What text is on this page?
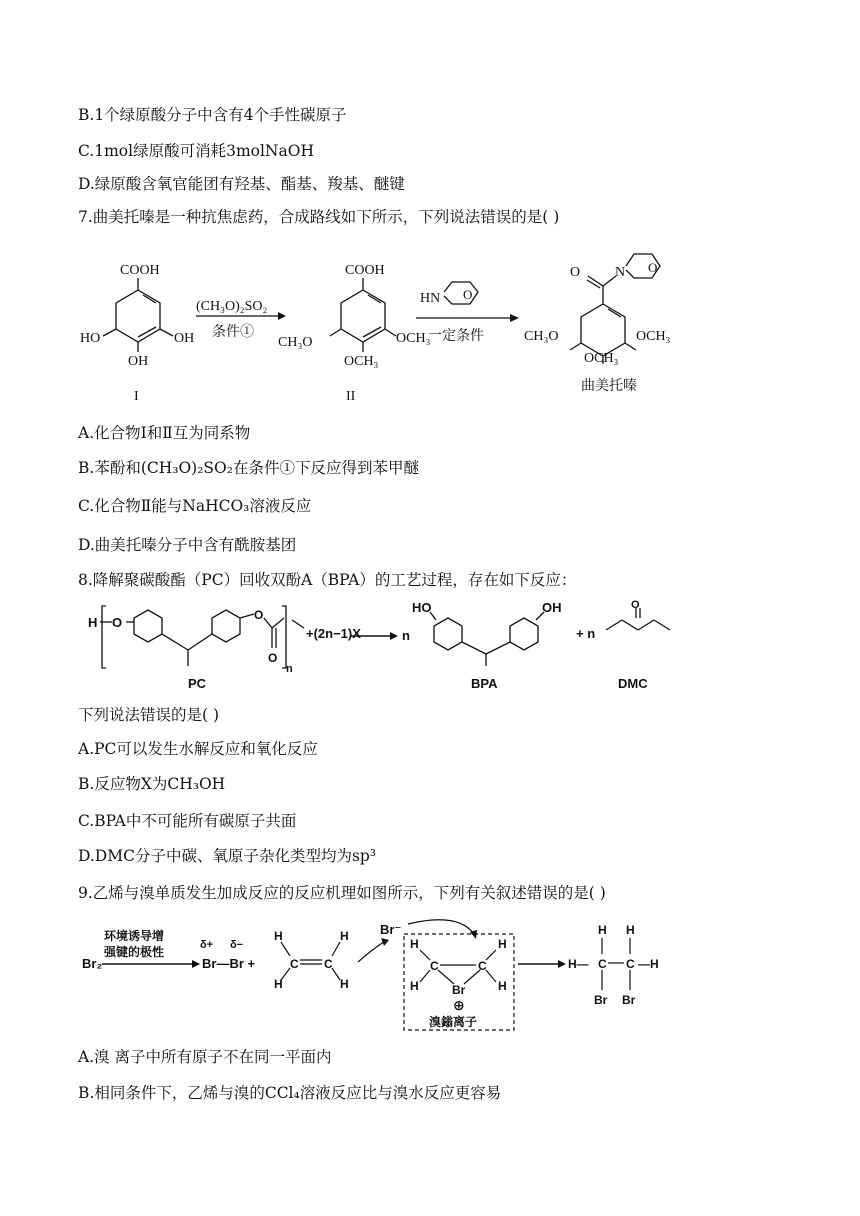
B.1个绿原酸分子中含有4个手性碳原子
C.1mol绿原酸可消耗3molNaOH
D.绿原酸含氧官能团有羟基、酯基、羧基、醚键
7.曲美托嗪是一种抗焦虑药，合成路线如下所示，下列说法错误的是( )
COOH
HO	OH
OH
I
(CH₃O)₂SO₂
条件①
COOH
CH₃O	OCH₃
OCH₃
II
HN O
一定条件
O N O
CH₃O	OCH₃
OCH₃
曲美托嗪
A.化合物Ⅰ和Ⅱ互为同系物
B.苯酚和(CH₃O)₂SO₂在条件①下反应得到苯甲醚
C.化合物Ⅱ能与NaHCO₃溶液反应
D.曲美托嗪分子中含有酰胺基团
8.降解聚碳酸酯（PC）回收双酚A（BPA）的工艺过程，存在如下反应：
H O	O
O
n
+(2n−1)X	n
HO	OH
+ n
O
PC	BPA	DMC
下列说法错误的是( )
A.PC可以发生水解反应和氧化反应
B.反应物X为CH₃OH
C.BPA中不可能所有碳原子共面
D.DMC分子中碳、氧原子杂化类型均为sp³
9.乙烯与溴单质发生加成反应的反应机理如图所示，下列有关叙述错误的是( )
环境诱导增
强键的极性
Br₂
δ+ δ−
Br—Br +
H	H
H	H
C C
Br⁻
H	H
H	H
C	C
Br
⊕
溴鎓离子
H— C C —H
H H
Br Br
A.溴 离子中所有原子不在同一平面内
B.相同条件下，乙烯与溴的CCl₄溶液反应比与溴水反应更容易
